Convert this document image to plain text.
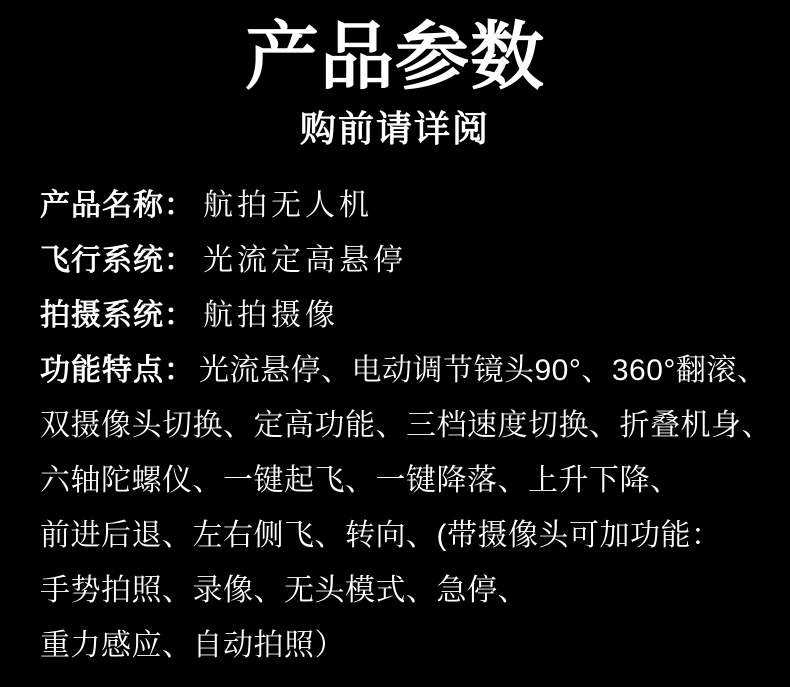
产品参数
购前请详阅
产品名称： 航拍无人机
飞行系统： 光流定高悬停
拍摄系统： 航拍摄像
功能特点： 光流悬停、电动调节镜头90°、360°翻滚、
双摄像头切换、定高功能、三档速度切换、折叠机身、
六轴陀螺仪、一键起飞、一键降落、上升下降、
前进后退、左右侧飞、转向、(带摄像头可加功能：
手势拍照、录像、无头模式、急停、
重力感应、自动拍照）
